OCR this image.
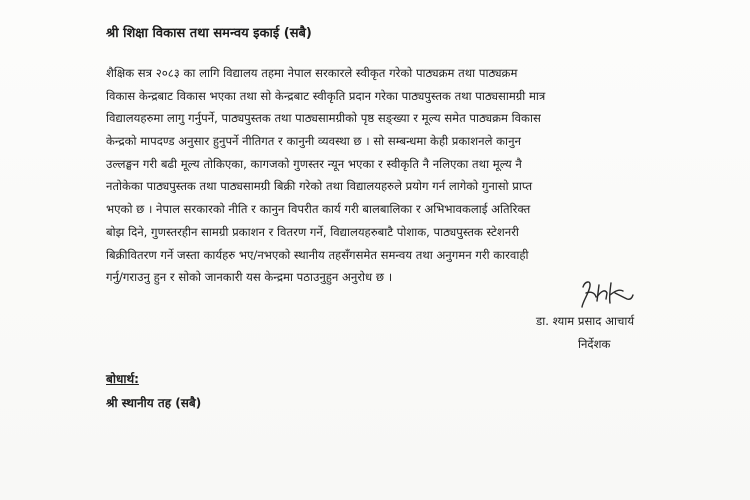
श्री शिक्षा विकास तथा समन्वय इकाई (सबै)
शैक्षिक सत्र २०८३ का लागि विद्यालय तहमा नेपाल सरकारले स्वीकृत गरेको पाठ्यक्रम तथा पाठ्यक्रम
विकास केन्द्रबाट विकास भएका तथा सो केन्द्रबाट स्वीकृति प्रदान गरेका पाठ्यपुस्तक तथा पाठ्यसामग्री मात्र
विद्यालयहरुमा लागु गर्नुपर्ने, पाठ्यपुस्तक तथा पाठ्यसामग्रीको पृष्ठ सङ्ख्या र मूल्य समेत पाठ्यक्रम विकास
केन्द्रको मापदण्ड अनुसार हुनुपर्ने नीतिगत र कानुनी व्यवस्था छ । सो सम्बन्धमा केही प्रकाशनले कानुन
उल्लङ्घन गरी बढी मूल्य तोकिएका, कागजको गुणस्तर न्यून भएका र स्वीकृति नै नलिएका तथा मूल्य नै
नतोकेका पाठ्यपुस्तक तथा पाठ्यसामग्री बिक्री गरेको तथा विद्यालयहरुले प्रयोग गर्न लागेको गुनासो प्राप्त
भएको छ । नेपाल सरकारको नीति र कानुन विपरीत कार्य गरी बालबालिका र अभिभावकलाई अतिरिक्त
बोझ दिने, गुणस्तरहीन सामग्री प्रकाशन र वितरण गर्ने, विद्यालयहरुबाटै पोशाक, पाठ्यपुस्तक स्टेशनरी
बिक्रीवितरण गर्ने जस्ता कार्यहरु भए/नभएको स्थानीय तहसँगसमेत समन्वय तथा अनुगमन गरी कारवाही
गर्नु/गराउनु हुन र सोको जानकारी यस केन्द्रमा पठाउनुहुन अनुरोध छ ।
डा. श्याम प्रसाद आचार्य
निर्देशक
बोधार्थ:
श्री स्थानीय तह (सबै)
